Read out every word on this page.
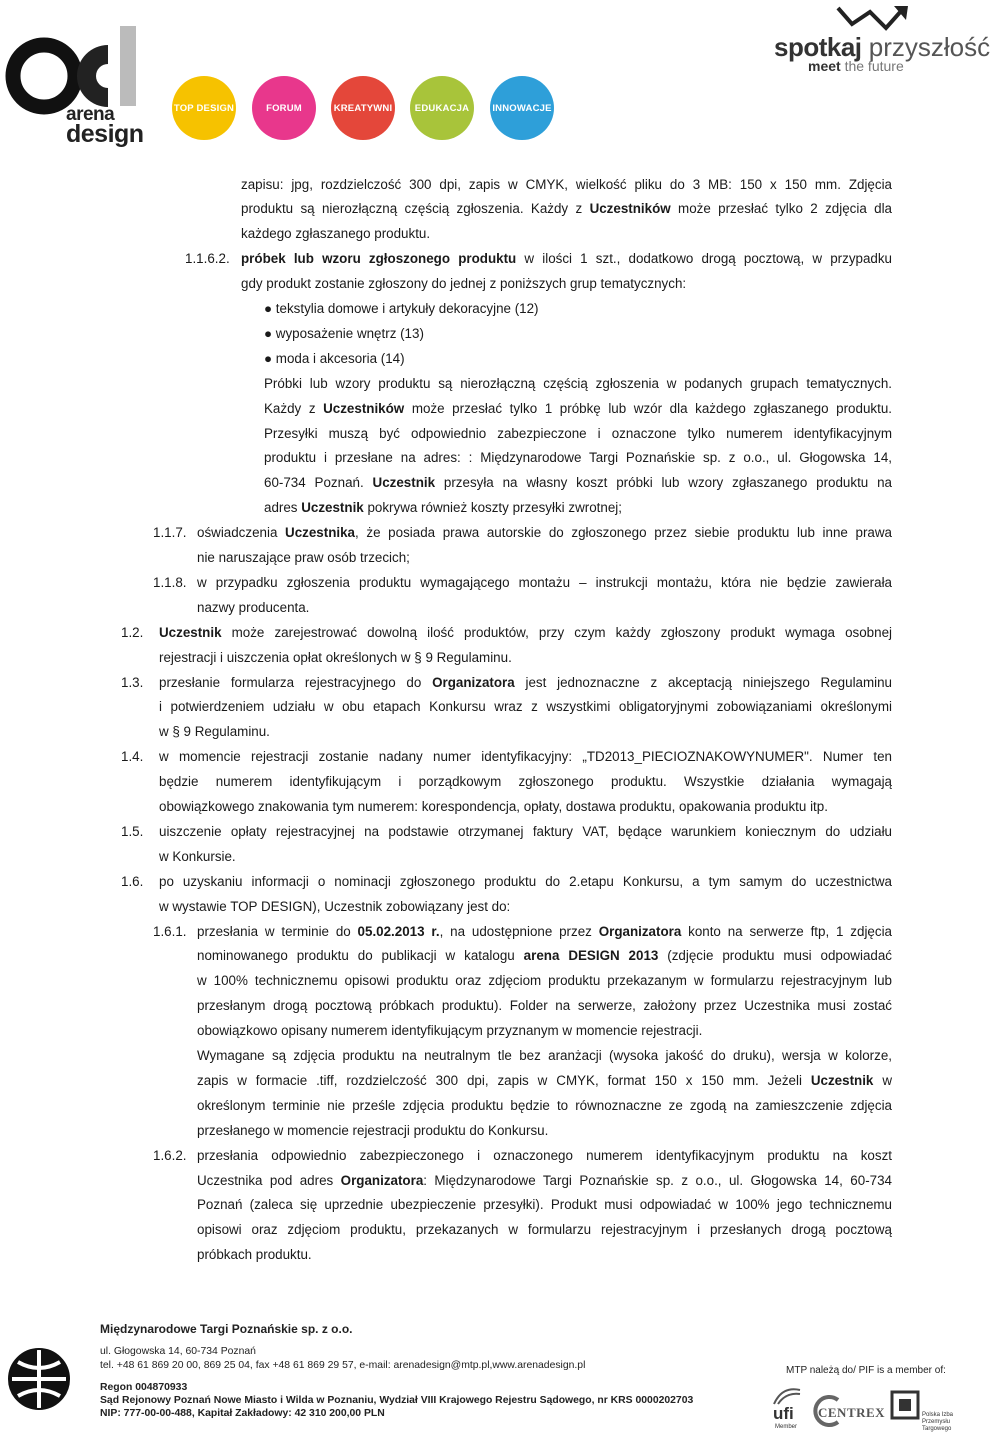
arena
design
TOP DESIGN	FORUM	KREATYWNI EDUKACJA INNOWACJE
spotkaj przyszłość
meet the future
1.1.6.2.
1.1.7.
1.1.8.
1.2.
1.3.
1.4.
1.5.
1.6.
1.6.1.
1.6.2.
zapisu: jpg, rozdzielczość 300 dpi, zapis w CMYK, wielkość pliku do 3 MB: 150 x 150 mm. Zdjęcia
produktu są nierozłączną częścią zgłoszenia. Każdy z Uczestników może przesłać tylko 2 zdjęcia dla
każdego zgłaszanego produktu.
próbek lub wzoru zgłoszonego produktu w ilości 1 szt., dodatkowo drogą pocztową, w przypadku
gdy produkt zostanie zgłoszony do jednej z poniższych grup tematycznych:
● tekstylia domowe i artykuły dekoracyjne (12)
● wyposażenie wnętrz (13)
● moda i akcesoria (14)
Próbki lub wzory produktu są nierozłączną częścią zgłoszenia w podanych grupach tematycznych.
Każdy z Uczestników może przesłać tylko 1 próbkę lub wzór dla każdego zgłaszanego produktu.
Przesyłki muszą być odpowiednio zabezpieczone i oznaczone tylko numerem identyfikacyjnym
produktu i przesłane na adres: : Międzynarodowe Targi Poznańskie sp. z o.o., ul. Głogowska 14,
60-734 Poznań. Uczestnik przesyła na własny koszt próbki lub wzory zgłaszanego produktu na
adres Uczestnik pokrywa również koszty przesyłki zwrotnej;
oświadczenia Uczestnika, że posiada prawa autorskie do zgłoszonego przez siebie produktu lub inne prawa
nie naruszające praw osób trzecich;
w przypadku zgłoszenia produktu wymagającego montażu – instrukcji montażu, która nie będzie zawierała
nazwy producenta.
Uczestnik może zarejestrować dowolną ilość produktów, przy czym każdy zgłoszony produkt wymaga osobnej
rejestracji i uiszczenia opłat określonych w § 9 Regulaminu.
przesłanie formularza rejestracyjnego do Organizatora jest jednoznaczne z akceptacją niniejszego Regulaminu
i potwierdzeniem udziału w obu etapach Konkursu wraz z wszystkimi obligatoryjnymi zobowiązaniami określonymi
w § 9 Regulaminu.
w momencie rejestracji zostanie nadany numer identyfikacyjny: „TD2013_PIECIOZNAKOWYNUMER". Numer ten
będzie numerem identyfikującym i porządkowym zgłoszonego produktu. Wszystkie działania wymagają
obowiązkowego znakowania tym numerem: korespondencja, opłaty, dostawa produktu, opakowania produktu itp.
uiszczenie opłaty rejestracyjnej na podstawie otrzymanej faktury VAT, będące warunkiem koniecznym do udziału
w Konkursie.
po uzyskaniu informacji o nominacji zgłoszonego produktu do 2.etapu Konkursu, a tym samym do uczestnictwa
w wystawie TOP DESIGN), Uczestnik zobowiązany jest do:
przesłania w terminie do 05.02.2013 r., na udostępnione przez Organizatora konto na serwerze ftp, 1 zdjęcia
nominowanego produktu do publikacji w katalogu arena DESIGN 2013 (zdjęcie produktu musi odpowiadać
w 100% technicznemu opisowi produktu oraz zdjęciom produktu przekazanym w formularzu rejestracyjnym lub
przesłanym drogą pocztową próbkach produktu). Folder na serwerze, założony przez Uczestnika musi zostać
obowiązkowo opisany numerem identyfikującym przyznanym w momencie rejestracji.
Wymagane są zdjęcia produktu na neutralnym tle bez aranżacji (wysoka jakość do druku), wersja w kolorze,
zapis w formacie .tiff, rozdzielczość 300 dpi, zapis w CMYK, format 150 x 150 mm. Jeżeli Uczestnik w
określonym terminie nie prześle zdjęcia produktu będzie to równoznaczne ze zgodą na zamieszczenie zdjęcia
przesłanego w momencie rejestracji produktu do Konkursu.
przesłania odpowiednio zabezpieczonego i oznaczonego numerem identyfikacyjnym produktu na koszt
Uczestnika pod adres Organizatora: Międzynarodowe Targi Poznańskie sp. z o.o., ul. Głogowska 14, 60-734
Poznań (zaleca się uprzednie ubezpieczenie przesyłki). Produkt musi odpowiadać w 100% jego technicznemu
opisowi oraz zdjęciom produktu, przekazanych w formularzu rejestracyjnym i przesłanych drogą pocztową
próbkach produktu.
Międzynarodowe Targi Poznańskie sp. z o.o.
ul. Głogowska 14, 60-734 Poznań
tel. +48 61 869 20 00, 869 25 04, fax +48 61 869 29 57, e-mail: arenadesign@mtp.pl,www.arenadesign.pl
Regon 004870933
Sąd Rejonowy Poznań Nowe Miasto i Wilda w Poznaniu, Wydział VIII Krajowego Rejestru Sądowego, nr KRS 0000202703
NIP: 777-00-00-488, Kapitał Zakładowy: 42 310 200,00 PLN
MTP należą do/ PIF is a member of:
ufi
Member
CENTREX	Polska Izba Przemysłu Targowego
